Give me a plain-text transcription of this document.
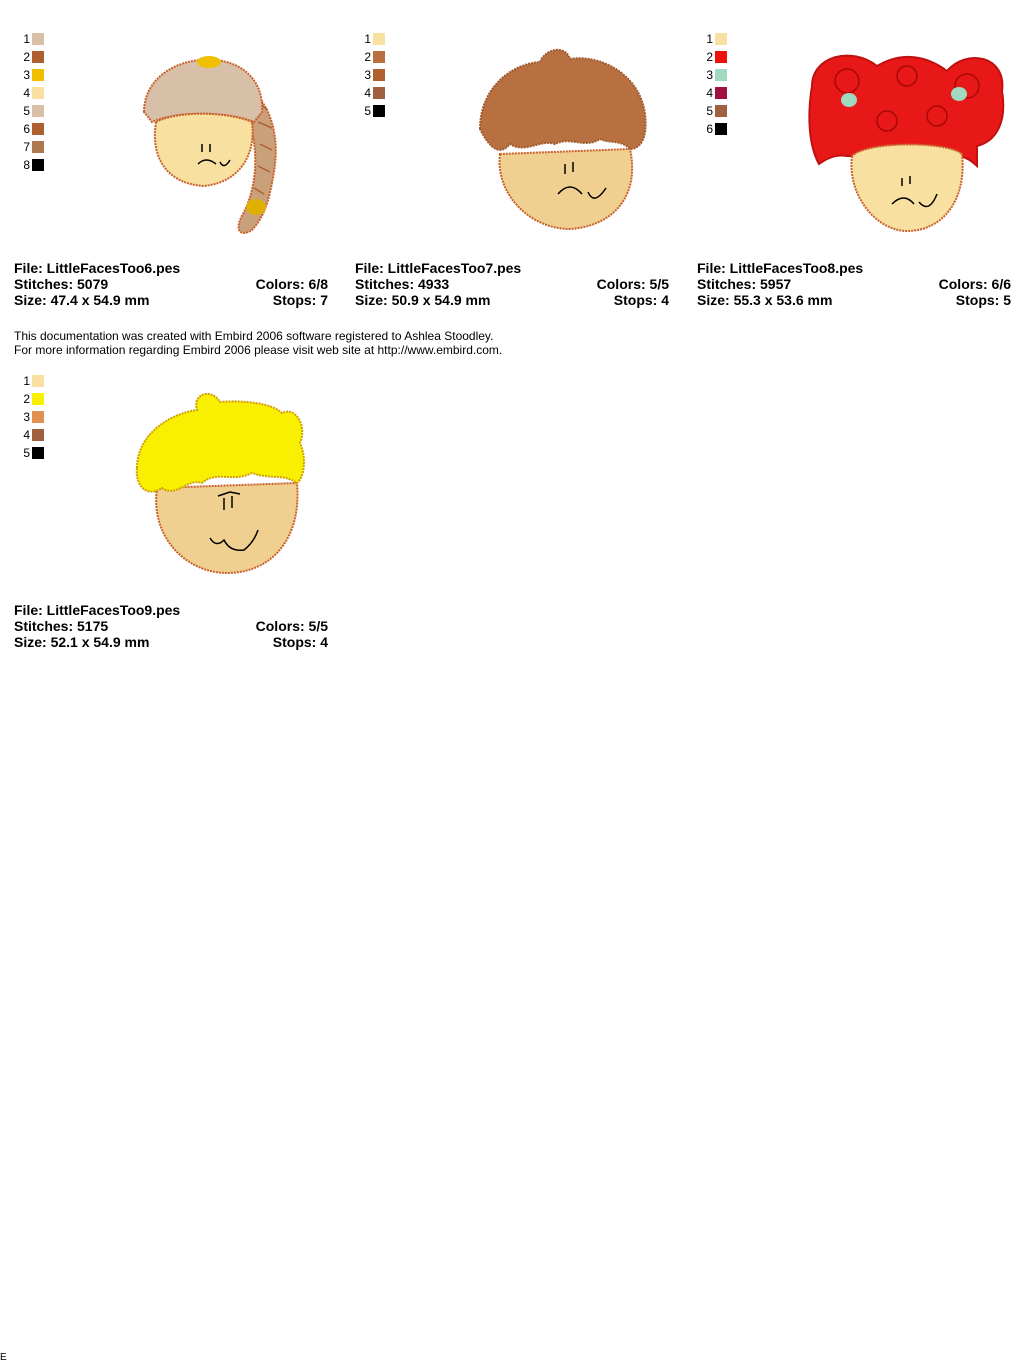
1
2
3
4
5
6
7
8
File: LittleFacesToo6.pes
Stitches: 5079	Colors: 6/8
Size: 47.4 x 54.9 mm	Stops: 7
1
2
3
4
5
File: LittleFacesToo7.pes
Stitches: 4933	Colors: 5/5
Size: 50.9 x 54.9 mm	Stops: 4
1
2
3
4
5
6
File: LittleFacesToo8.pes
Stitches: 5957	Colors: 6/6
Size: 55.3 x 53.6 mm	Stops: 5
This documentation was created with Embird 2006 software registered to Ashlea Stoodley.
For more information regarding Embird 2006 please visit web site at http://www.embird.com.
1
2
3
4
5
File: LittleFacesToo9.pes
Stitches: 5175	Colors: 5/5
Size: 52.1 x 54.9 mm	Stops: 4
E
